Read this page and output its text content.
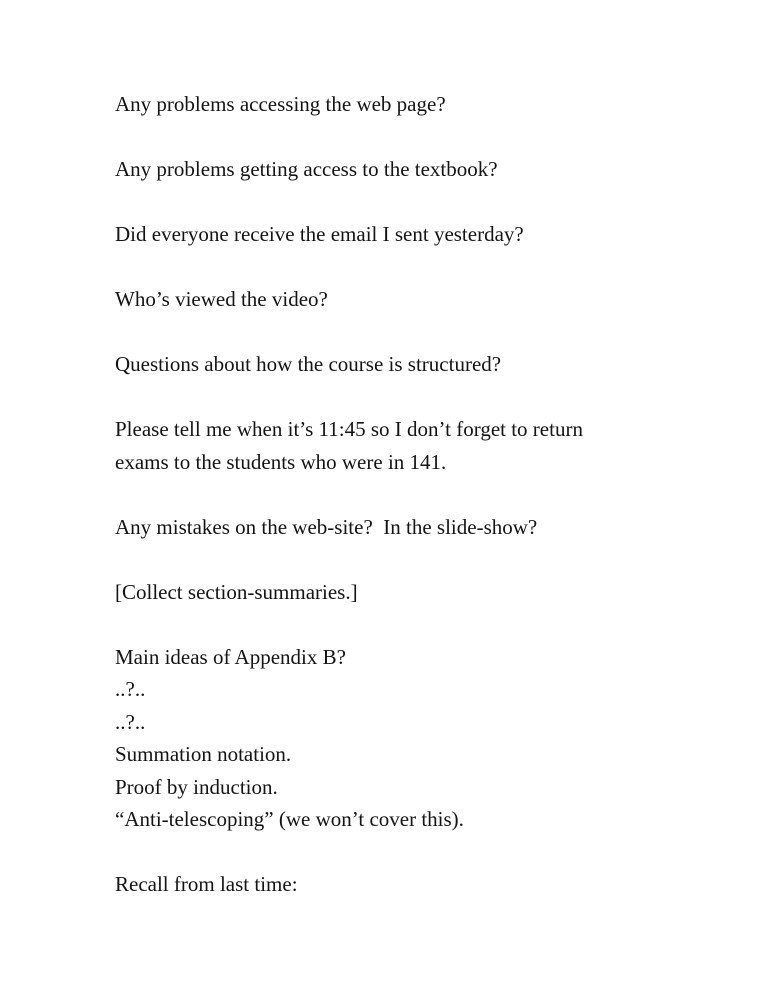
Any problems accessing the web page?
Any problems getting access to the textbook?
Did everyone receive the email I sent yesterday?
Who’s viewed the video?
Questions about how the course is structured?
Please tell me when it’s 11:45 so I don’t forget to return
exams to the students who were in 141.
Any mistakes on the web-site?  In the slide-show?
[Collect section-summaries.]
Main ideas of Appendix B?
..?..
..?..
Summation notation.
Proof by induction.
“Anti-telescoping” (we won’t cover this).
Recall from last time:
